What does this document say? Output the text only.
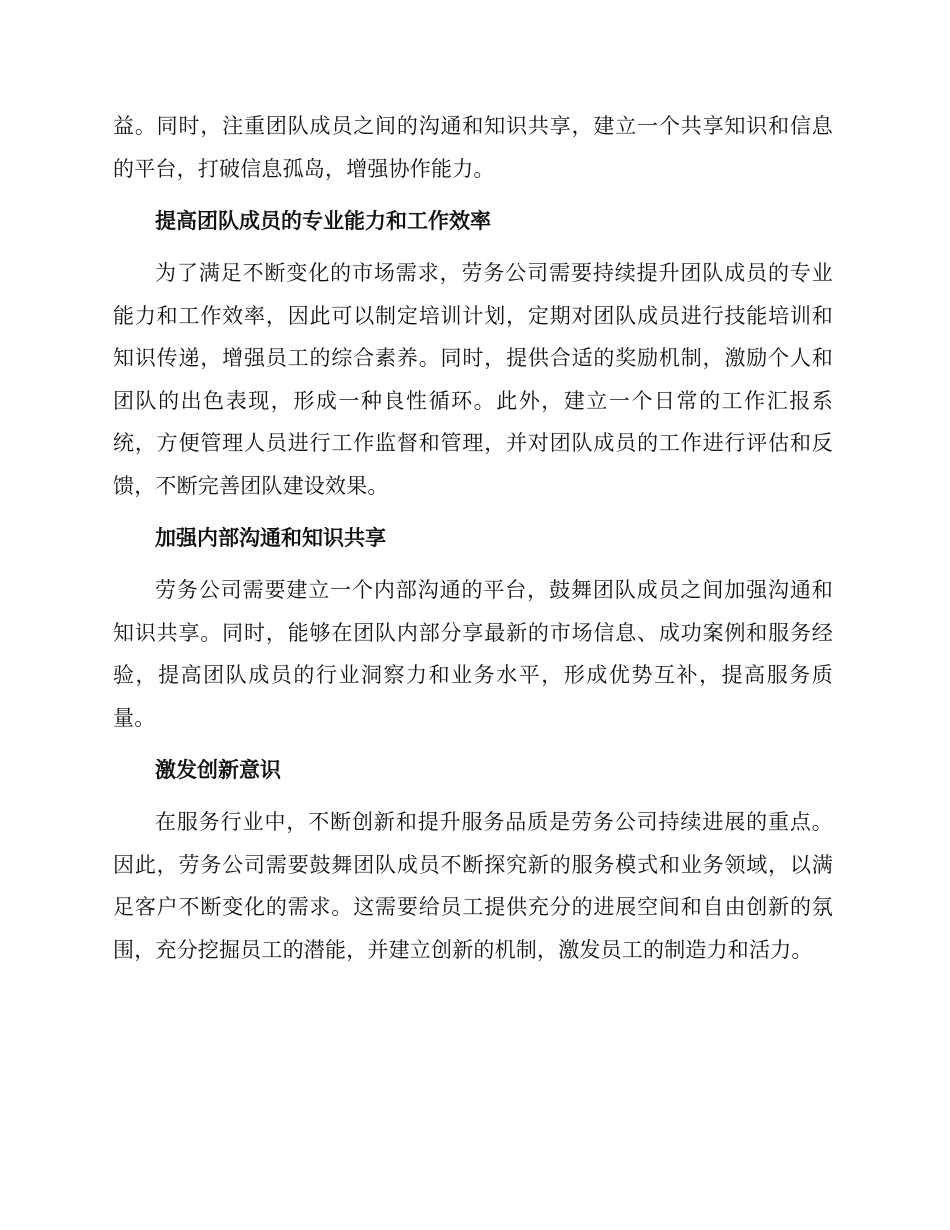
益。同时，注重团队成员之间的沟通和知识共享，建立一个共享知识和信息的平台，打破信息孤岛，增强协作能力。

提高团队成员的专业能力和工作效率

为了满足不断变化的市场需求，劳务公司需要持续提升团队成员的专业能力和工作效率，因此可以制定培训计划，定期对团队成员进行技能培训和知识传递，增强员工的综合素养。同时，提供合适的奖励机制，激励个人和团队的出色表现，形成一种良性循环。此外，建立一个日常的工作汇报系统，方便管理人员进行工作监督和管理，并对团队成员的工作进行评估和反馈，不断完善团队建设效果。

加强内部沟通和知识共享

劳务公司需要建立一个内部沟通的平台，鼓舞团队成员之间加强沟通和知识共享。同时，能够在团队内部分享最新的市场信息、成功案例和服务经验，提高团队成员的行业洞察力和业务水平，形成优势互补，提高服务质量。

激发创新意识

在服务行业中，不断创新和提升服务品质是劳务公司持续进展的重点。因此，劳务公司需要鼓舞团队成员不断探究新的服务模式和业务领域，以满足客户不断变化的需求。这需要给员工提供充分的进展空间和自由创新的氛围，充分挖掘员工的潜能，并建立创新的机制，激发员工的制造力和活力。
